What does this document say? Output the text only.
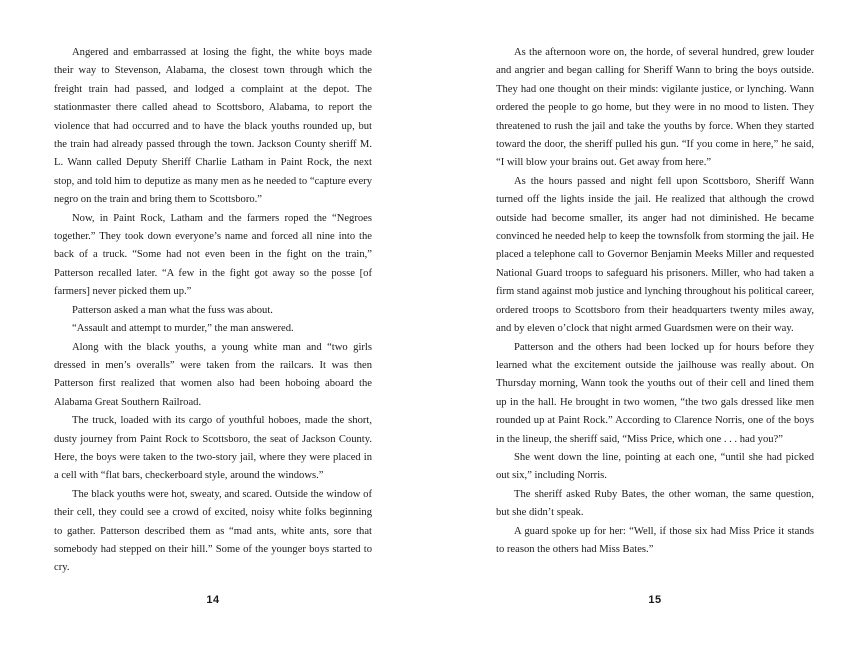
Angered and embarrassed at losing the fight, the white boys made their way to Stevenson, Alabama, the closest town through which the freight train had passed, and lodged a complaint at the depot. The stationmaster there called ahead to Scottsboro, Alabama, to report the violence that had occurred and to have the black youths rounded up, but the train had already passed through the town. Jackson County sheriff M. L. Wann called Deputy Sheriff Charlie Latham in Paint Rock, the next stop, and told him to deputize as many men as he needed to “capture every negro on the train and bring them to Scottsboro.”

Now, in Paint Rock, Latham and the farmers roped the “Negroes together.” They took down everyone’s name and forced all nine into the back of a truck. “Some had not even been in the fight on the train,” Patterson recalled later. “A few in the fight got away so the posse [of farmers] never picked them up.”

Patterson asked a man what the fuss was about.

“Assault and attempt to murder,” the man answered.

Along with the black youths, a young white man and “two girls dressed in men’s overalls” were taken from the railcars. It was then Patterson first realized that women also had been hoboing aboard the Alabama Great Southern Railroad.

The truck, loaded with its cargo of youthful hoboes, made the short, dusty journey from Paint Rock to Scottsboro, the seat of Jackson County. Here, the boys were taken to the two-story jail, where they were placed in a cell with “flat bars, checkerboard style, around the windows.”

The black youths were hot, sweaty, and scared. Outside the window of their cell, they could see a crowd of excited, noisy white folks beginning to gather. Patterson described them as “mad ants, white ants, sore that somebody had stepped on their hill.” Some of the younger boys started to cry.

14

As the afternoon wore on, the horde, of several hundred, grew louder and angrier and began calling for Sheriff Wann to bring the boys outside. They had one thought on their minds: vigilante justice, or lynching. Wann ordered the people to go home, but they were in no mood to listen. They threatened to rush the jail and take the youths by force. When they started toward the door, the sheriff pulled his gun. “If you come in here,” he said, “I will blow your brains out. Get away from here.”

As the hours passed and night fell upon Scottsboro, Sheriff Wann turned off the lights inside the jail. He realized that although the crowd outside had become smaller, its anger had not diminished. He became convinced he needed help to keep the townsfolk from storming the jail. He placed a telephone call to Governor Benjamin Meeks Miller and requested National Guard troops to safeguard his prisoners. Miller, who had taken a firm stand against mob justice and lynching throughout his political career, ordered troops to Scottsboro from their headquarters twenty miles away, and by eleven o’clock that night armed Guardsmen were on their way.

Patterson and the others had been locked up for hours before they learned what the excitement outside the jailhouse was really about. On Thursday morning, Wann took the youths out of their cell and lined them up in the hall. He brought in two women, “the two gals dressed like men rounded up at Paint Rock.” According to Clarence Norris, one of the boys in the lineup, the sheriff said, “Miss Price, which one . . . had you?”

She went down the line, pointing at each one, “until she had picked out six,” including Norris.

The sheriff asked Ruby Bates, the other woman, the same question, but she didn’t speak.

A guard spoke up for her: “Well, if those six had Miss Price it stands to reason the others had Miss Bates.”

15
